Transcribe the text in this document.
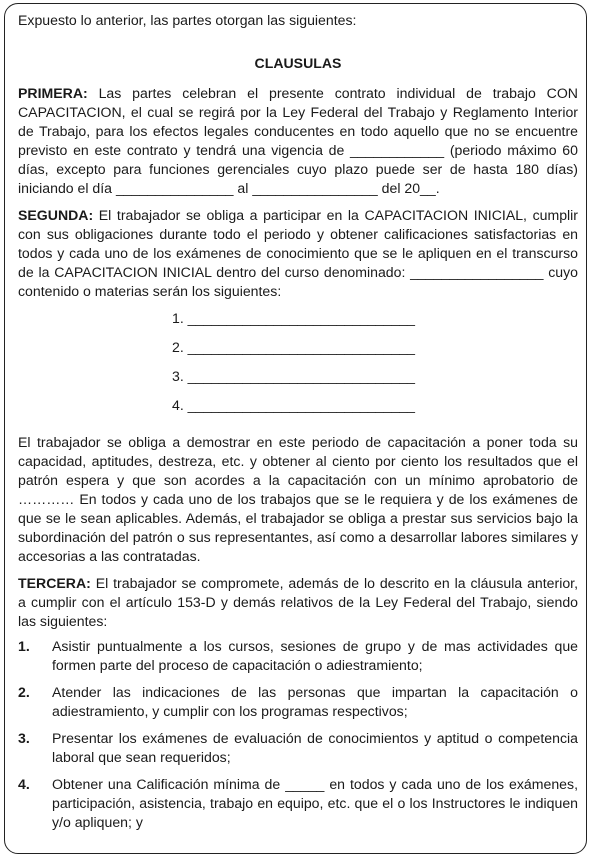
Expuesto lo anterior, las partes otorgan las siguientes:

CLAUSULAS

PRIMERA: Las partes celebran el presente contrato individual de trabajo CON CAPACITACION, el cual se regirá por la Ley Federal del Trabajo y Reglamento Interior de Trabajo, para los efectos legales conducentes en todo aquello que no se encuentre previsto en este contrato y tendrá una vigencia de ____________ (periodo máximo 60 días, excepto para funciones gerenciales cuyo plazo puede ser de hasta 180 días) iniciando el día _______________ al ________________ del 20__.

SEGUNDA: El trabajador se obliga a participar en la CAPACITACION INICIAL, cumplir con sus obligaciones durante todo el periodo y obtener calificaciones satisfactorias en todos y cada uno de los exámenes de conocimiento que se le apliquen en el transcurso de la CAPACITACION INICIAL dentro del curso denominado: _________________ cuyo contenido o materias serán los siguientes:

1. _____________________________
2. _____________________________
3. _____________________________
4. _____________________________

El trabajador se obliga a demostrar en este periodo de capacitación a poner toda su capacidad, aptitudes, destreza, etc. y obtener al ciento por ciento los resultados que el patrón espera y que son acordes a la capacitación con un mínimo aprobatorio de ………… En todos y cada uno de los trabajos que se le requiera y de los exámenes de que se le sean aplicables. Además, el trabajador se obliga a prestar sus servicios bajo la subordinación del patrón o sus representantes, así como a desarrollar labores similares y accesorias a las contratadas.

TERCERA: El trabajador se compromete, además de lo descrito en la cláusula anterior, a cumplir con el artículo 153-D y demás relativos de la Ley Federal del Trabajo, siendo las siguientes:

1.	Asistir puntualmente a los cursos, sesiones de grupo y de mas actividades que formen parte del proceso de capacitación o adiestramiento;
2.	Atender las indicaciones de las personas que impartan la capacitación o adiestramiento, y cumplir con los programas respectivos;
3.	Presentar los exámenes de evaluación de conocimientos y aptitud o competencia laboral que sean requeridos;
4.	Obtener una Calificación mínima de _____ en todos y cada uno de los exámenes, participación, asistencia, trabajo en equipo, etc. que el o los Instructores le indiquen y/o apliquen; y
